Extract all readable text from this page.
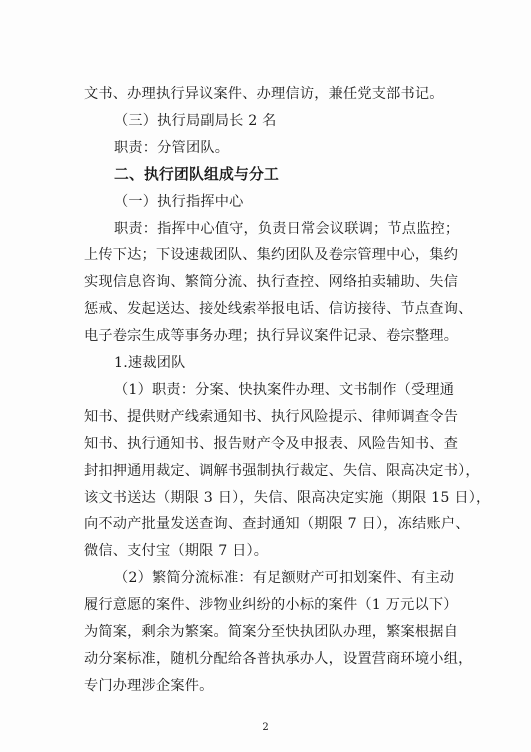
文书、办理执行异议案件、办理信访，兼任党支部书记。
（三）执行局副局长 2 名
职责：分管团队。
二、执行团队组成与分工
（一）执行指挥中心
职责：指挥中心值守，负责日常会议联调；节点监控；
上传下达；下设速裁团队、集约团队及卷宗管理中心，集约
实现信息咨询、繁简分流、执行查控、网络拍卖辅助、失信
惩戒、发起送达、接处线索举报电话、信访接待、节点查询、
电子卷宗生成等事务办理；执行异议案件记录、卷宗整理。
1.速裁团队
（1）职责：分案、快执案件办理、文书制作（受理通
知书、提供财产线索通知书、执行风险提示、律师调查令告
知书、执行通知书、报告财产令及申报表、风险告知书、查
封扣押通用裁定、调解书强制执行裁定、失信、限高决定书），
该文书送达（期限 3 日），失信、限高决定实施（期限 15 日），
向不动产批量发送查询、查封通知（期限 7 日），冻结账户、
微信、支付宝（期限 7 日）。
（2）繁简分流标准：有足额财产可扣划案件、有主动
履行意愿的案件、涉物业纠纷的小标的案件（1 万元以下）
为简案，剩余为繁案。简案分至快执团队办理，繁案根据自
动分案标准，随机分配给各普执承办人，设置营商环境小组，
专门办理涉企案件。
2
